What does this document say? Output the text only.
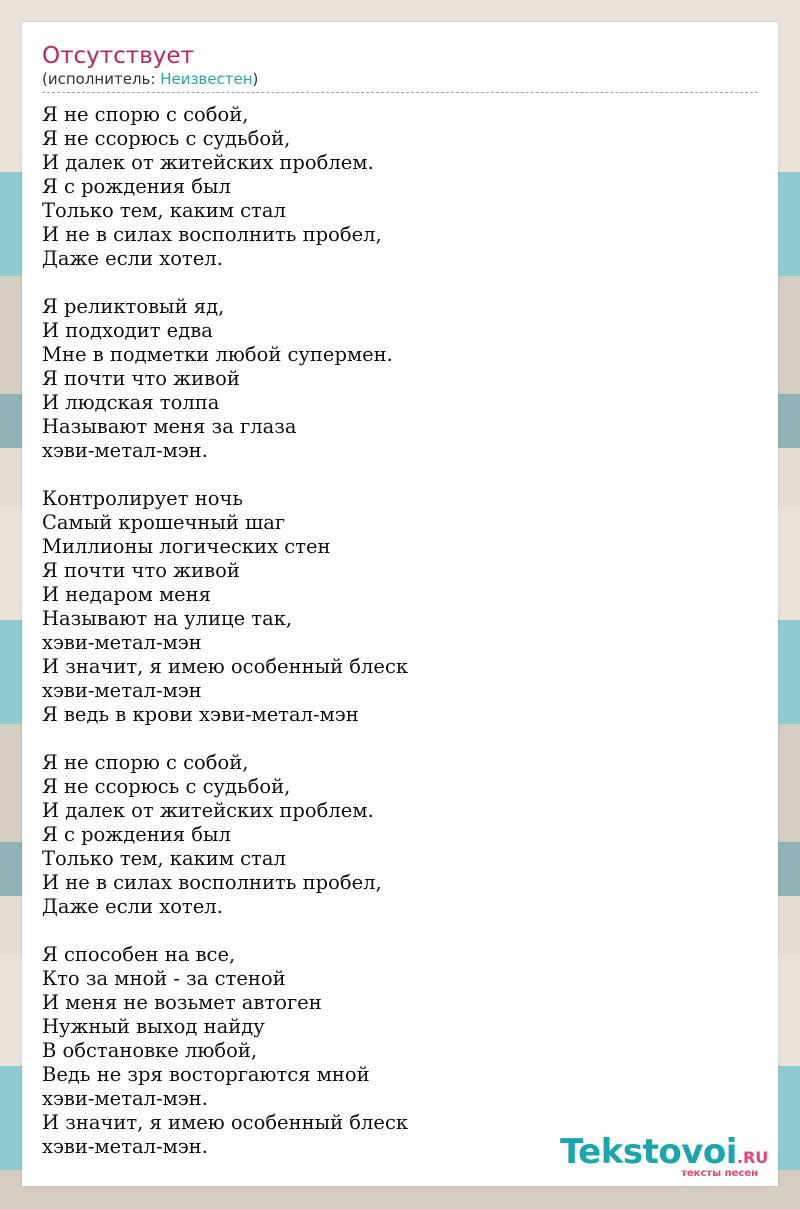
Отсутствует
(исполнитель: Неизвестен)
Я не спорю с собой,
Я не ссорюсь с судьбой,
И далек от житейских проблем.
Я с рождения был
Только тем, каким стал
И не в силах восполнить пробел,
Даже если хотел.
Я реликтовый яд,
И подходит едва
Мне в подметки любой супермен.
Я почти что живой
И людская толпа
Называют меня за глаза
хэви-метал-мэн.
Контролирует ночь
Самый крошечный шаг
Миллионы логических стен
Я почти что живой
И недаром меня
Называют на улице так,
хэви-метал-мэн
И значит, я имею особенный блеск
хэви-метал-мэн
Я ведь в крови хэви-метал-мэн
Я не спорю с собой,
Я не ссорюсь с судьбой,
И далек от житейских проблем.
Я с рождения был
Только тем, каким стал
И не в силах восполнить пробел,
Даже если хотел.
Я способен на все,
Кто за мной - за стеной
И меня не возьмет автоген
Нужный выход найду
В обстановке любой,
Ведь не зря восторгаются мной
хэви-метал-мэн.
И значит, я имею особенный блеск
хэви-метал-мэн.	Tekstovoi.RU
тексты песен
